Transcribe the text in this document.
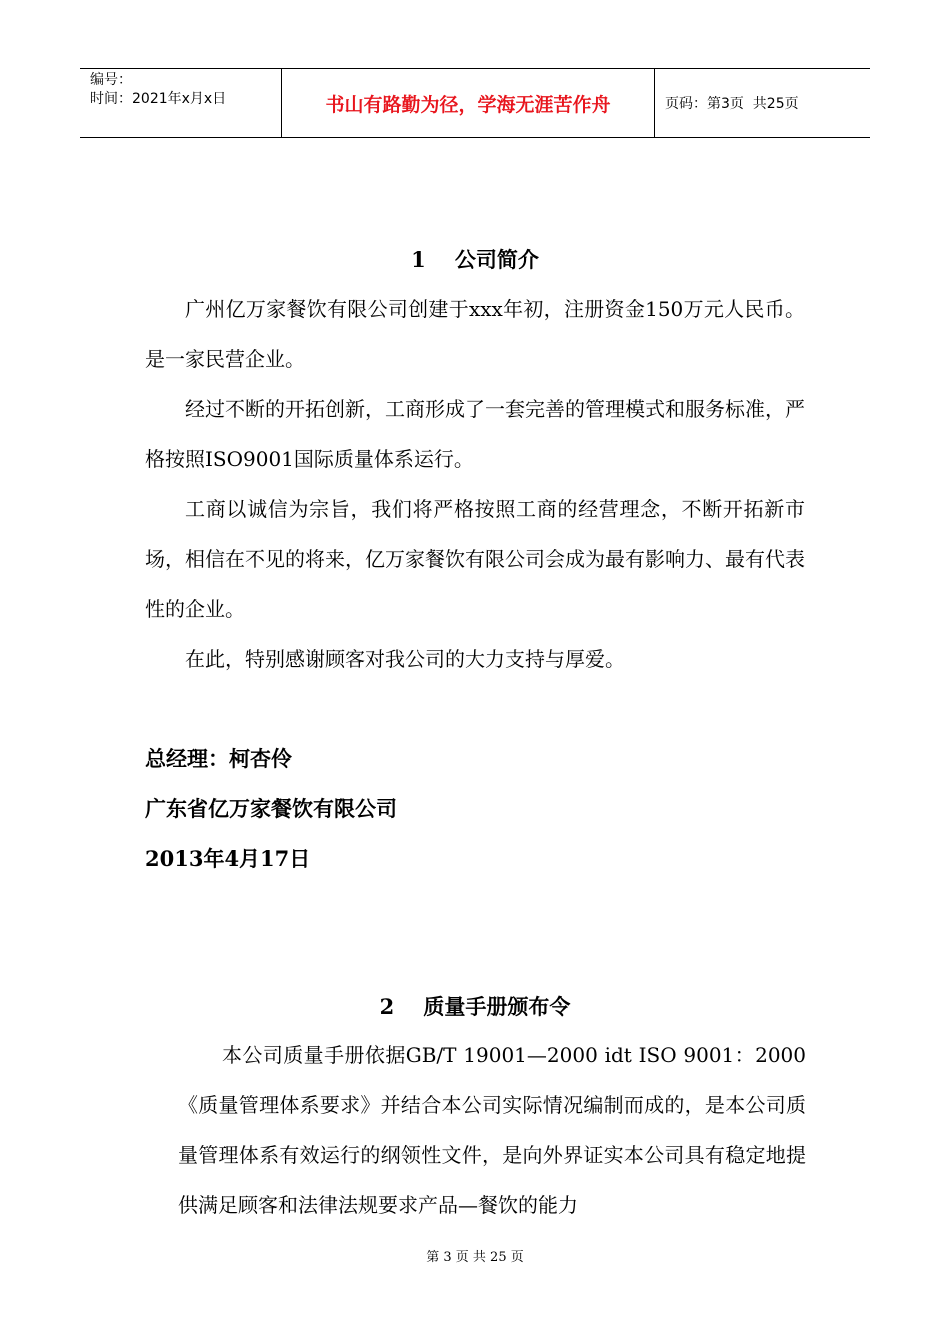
编号：
时间：2021年x月x日	书山有路勤为径，学海无涯苦作舟	页码：第3页  共25页
1    公司简介

广州亿万家餐饮有限公司创建于xxx年初，注册资金150万元人民币。是一家民营企业。

经过不断的开拓创新，工商形成了一套完善的管理模式和服务标准，严格按照ISO9001国际质量体系运行。

工商以诚信为宗旨，我们将严格按照工商的经营理念，不断开拓新市场，相信在不见的将来，亿万家餐饮有限公司会成为最有影响力、最有代表性的企业。

在此，特别感谢顾客对我公司的大力支持与厚爱。

总经理：柯杏伶
广东省亿万家餐饮有限公司
2013年4月17日
2    质量手册颁布令

本公司质量手册依据GB/T 19001—2000 idt ISO 9001：2000《质量管理体系要求》并结合本公司实际情况编制而成的，是本公司质量管理体系有效运行的纲领性文件，是向外界证实本公司具有稳定地提供满足顾客和法律法规要求产品—餐饮的能力

第 3 页 共 25 页
